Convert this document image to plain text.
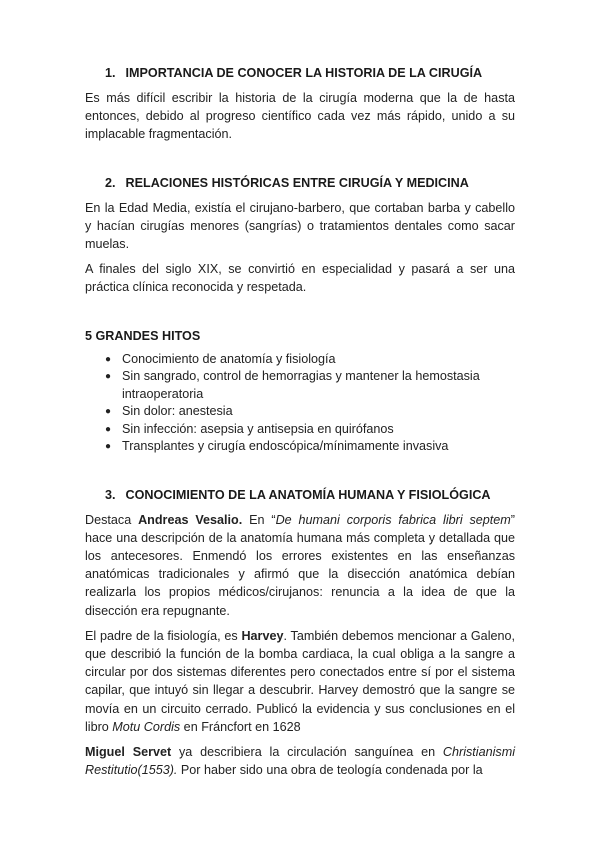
1. IMPORTANCIA DE CONOCER LA HISTORIA DE LA CIRUGÍA

Es más difícil escribir la historia de la cirugía moderna que la de hasta entonces, debido al progreso científico cada vez más rápido, unido a su implacable fragmentación.

2. RELACIONES HISTÓRICAS ENTRE CIRUGÍA Y MEDICINA

En la Edad Media, existía el cirujano-barbero, que cortaban barba y cabello y hacían cirugías menores (sangrías) o tratamientos dentales como sacar muelas.

A finales del siglo XIX, se convirtió en especialidad y pasará a ser una práctica clínica reconocida y respetada.

5 GRANDES HITOS
● Conocimiento de anatomía y fisiología
● Sin sangrado, control de hemorragias y mantener la hemostasia intraoperatoria
● Sin dolor: anestesia
● Sin infección: asepsia y antisepsia en quirófanos
● Transplantes y cirugía endoscópica/mínimamente invasiva
3. CONOCIMIENTO DE LA ANATOMÍA HUMANA Y FISIOLÓGICA

Destaca Andreas Vesalio. En “De humani corporis fabrica libri septem” hace una descripción de la anatomía humana más completa y detallada que los antecesores. Enmendó los errores existentes en las enseñanzas anatómicas tradicionales y afirmó que la disección anatómica debían realizarla los propios médicos/cirujanos: renuncia a la idea de que la disección era repugnante.

El padre de la fisiología, es Harvey. También debemos mencionar a Galeno, que describió la función de la bomba cardiaca, la cual obliga a la sangre a circular por dos sistemas diferentes pero conectados entre sí por el sistema capilar, que intuyó sin llegar a descubrir. Harvey demostró que la sangre se movía en un circuito cerrado. Publicó la evidencia y sus conclusiones en el libro Motu Cordis en Fráncfort en 1628

Miguel Servet ya describiera la circulación sanguínea en Christianismi Restitutio(1553). Por haber sido una obra de teología condenada por la
